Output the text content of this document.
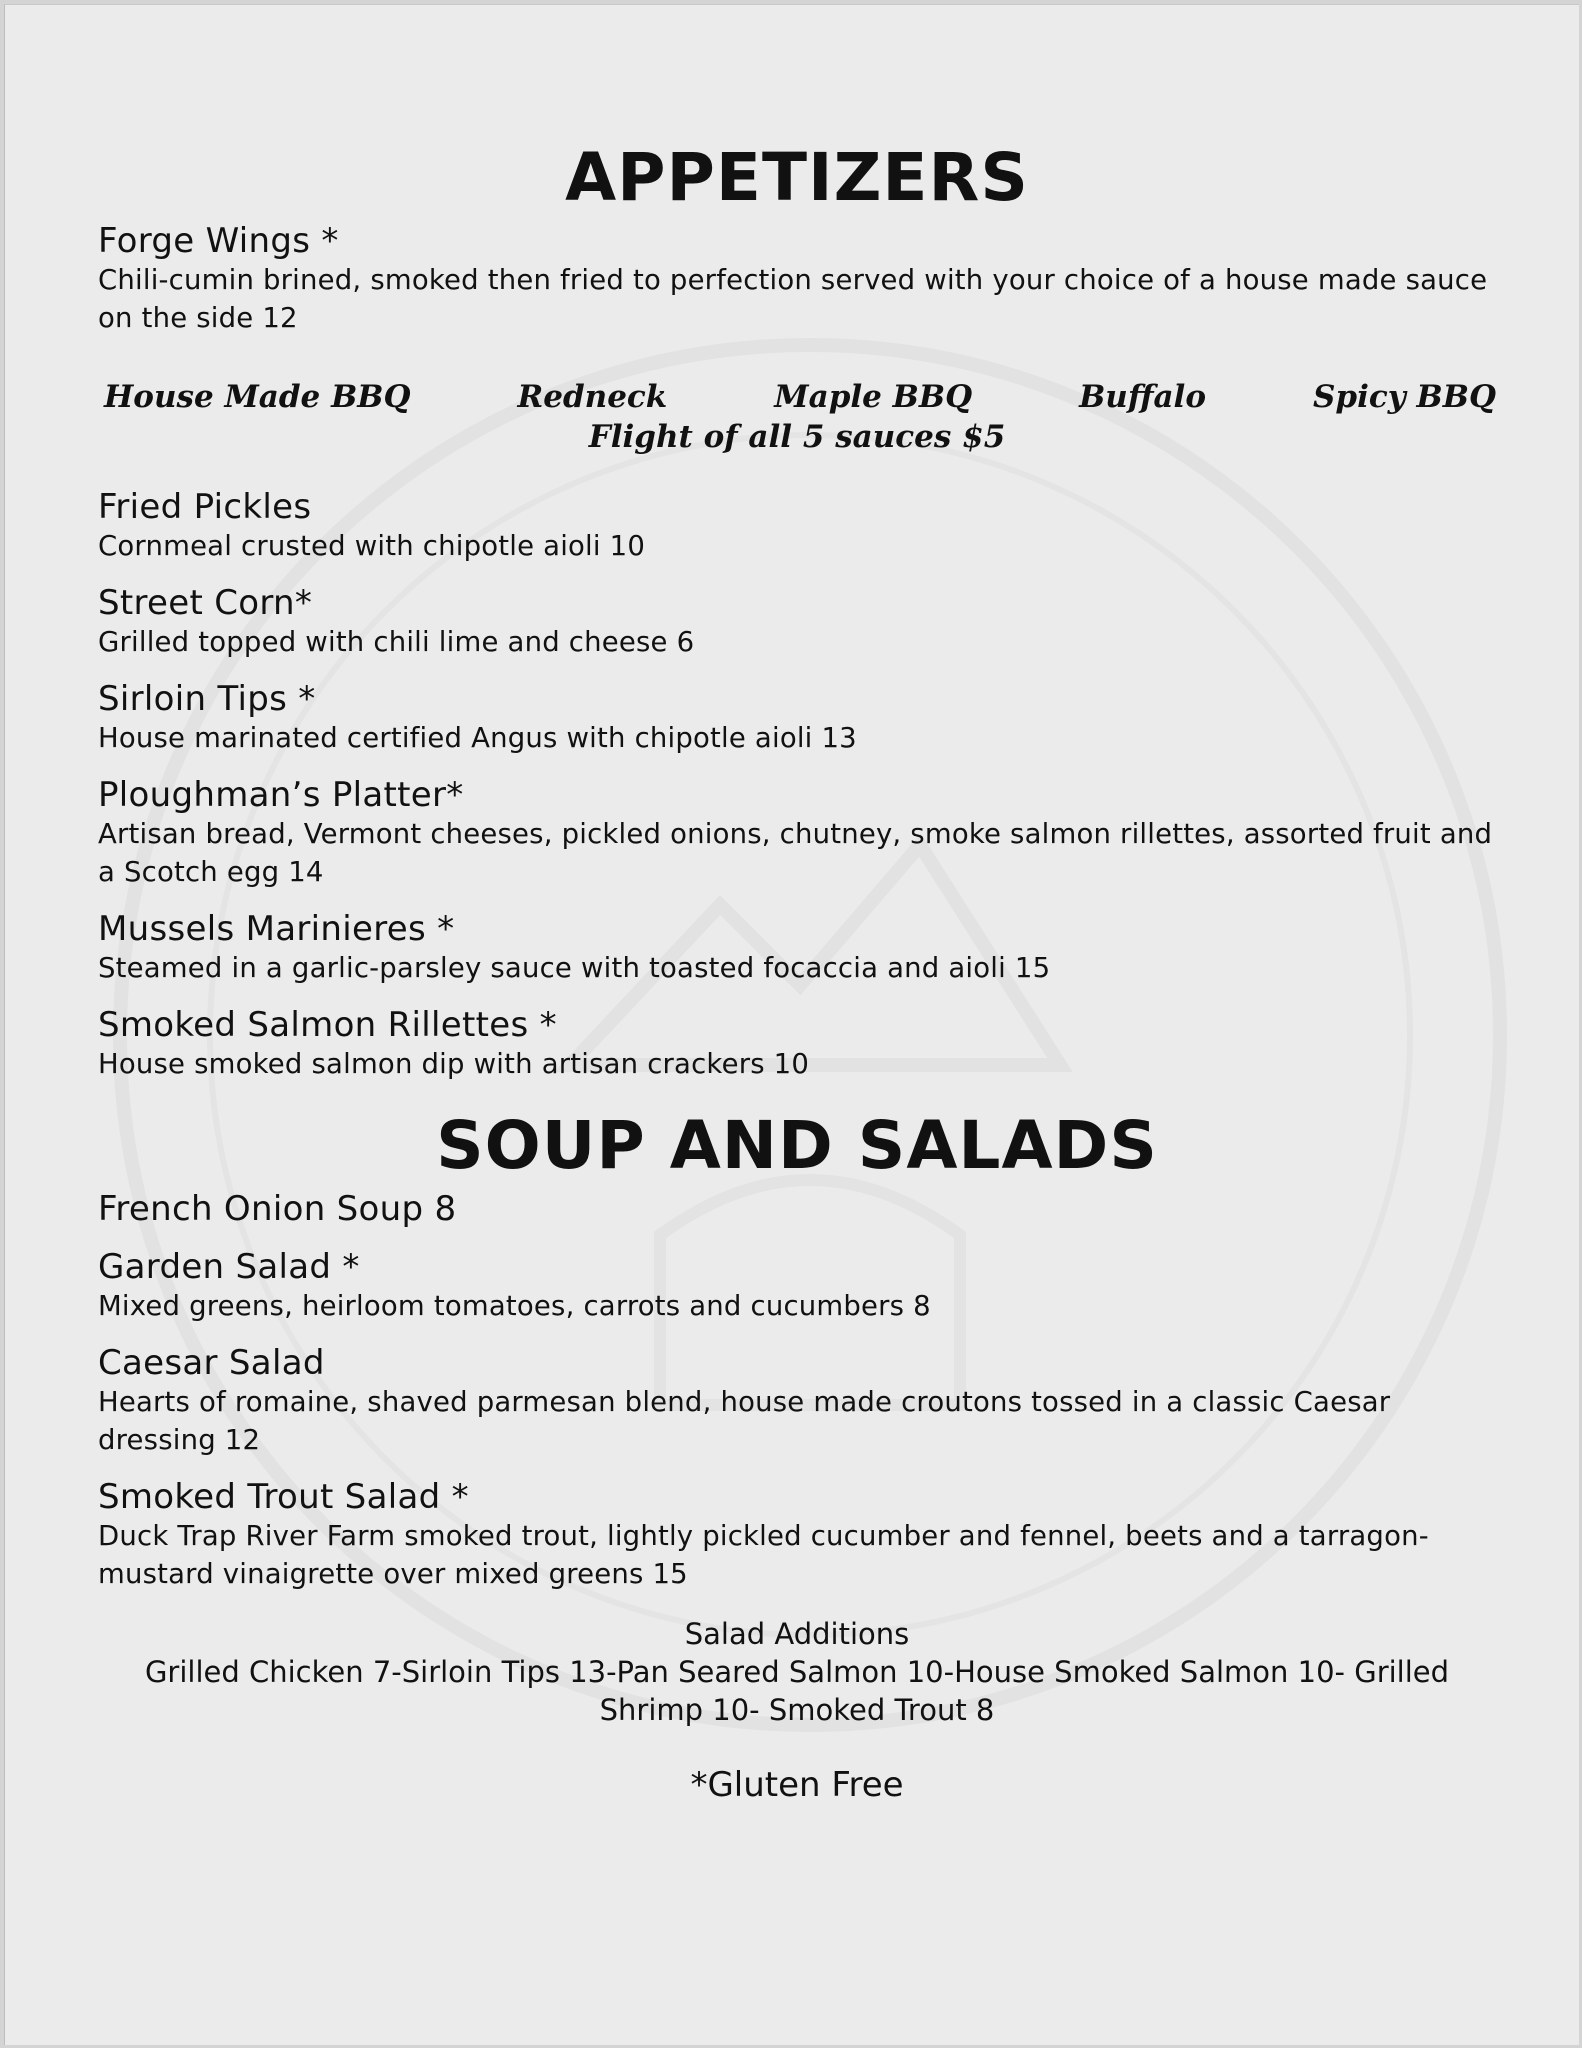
APPETIZERS
Forge Wings *
Chili-cumin brined, smoked then fried to perfection served with your choice of a house made sauce on the side 12
House Made BBQ	Redneck	Maple BBQ	Buffalo	Spicy BBQ
Flight of all 5 sauces $5
Fried Pickles
Cornmeal crusted with chipotle aioli 10
Street Corn*
Grilled topped with chili lime and cheese 6
Sirloin Tips *
House marinated certified Angus with chipotle aioli 13
Ploughman’s Platter*
Artisan bread, Vermont cheeses, pickled onions, chutney, smoke salmon rillettes, assorted fruit and a Scotch egg 14
Mussels Marinieres *
Steamed in a garlic-parsley sauce with toasted focaccia and aioli 15
Smoked Salmon Rillettes *
House smoked salmon dip with artisan crackers 10
SOUP AND SALADS
French Onion Soup 8
Garden Salad *
Mixed greens, heirloom tomatoes, carrots and cucumbers 8
Caesar Salad
Hearts of romaine, shaved parmesan blend, house made croutons tossed in a classic Caesar dressing 12
Smoked Trout Salad *
Duck Trap River Farm smoked trout, lightly pickled cucumber and fennel, beets and a tarragon-mustard vinaigrette over mixed greens 15
Salad Additions
Grilled Chicken 7-Sirloin Tips 13-Pan Seared Salmon 10-House Smoked Salmon 10- Grilled
Shrimp 10- Smoked Trout 8
*Gluten Free
